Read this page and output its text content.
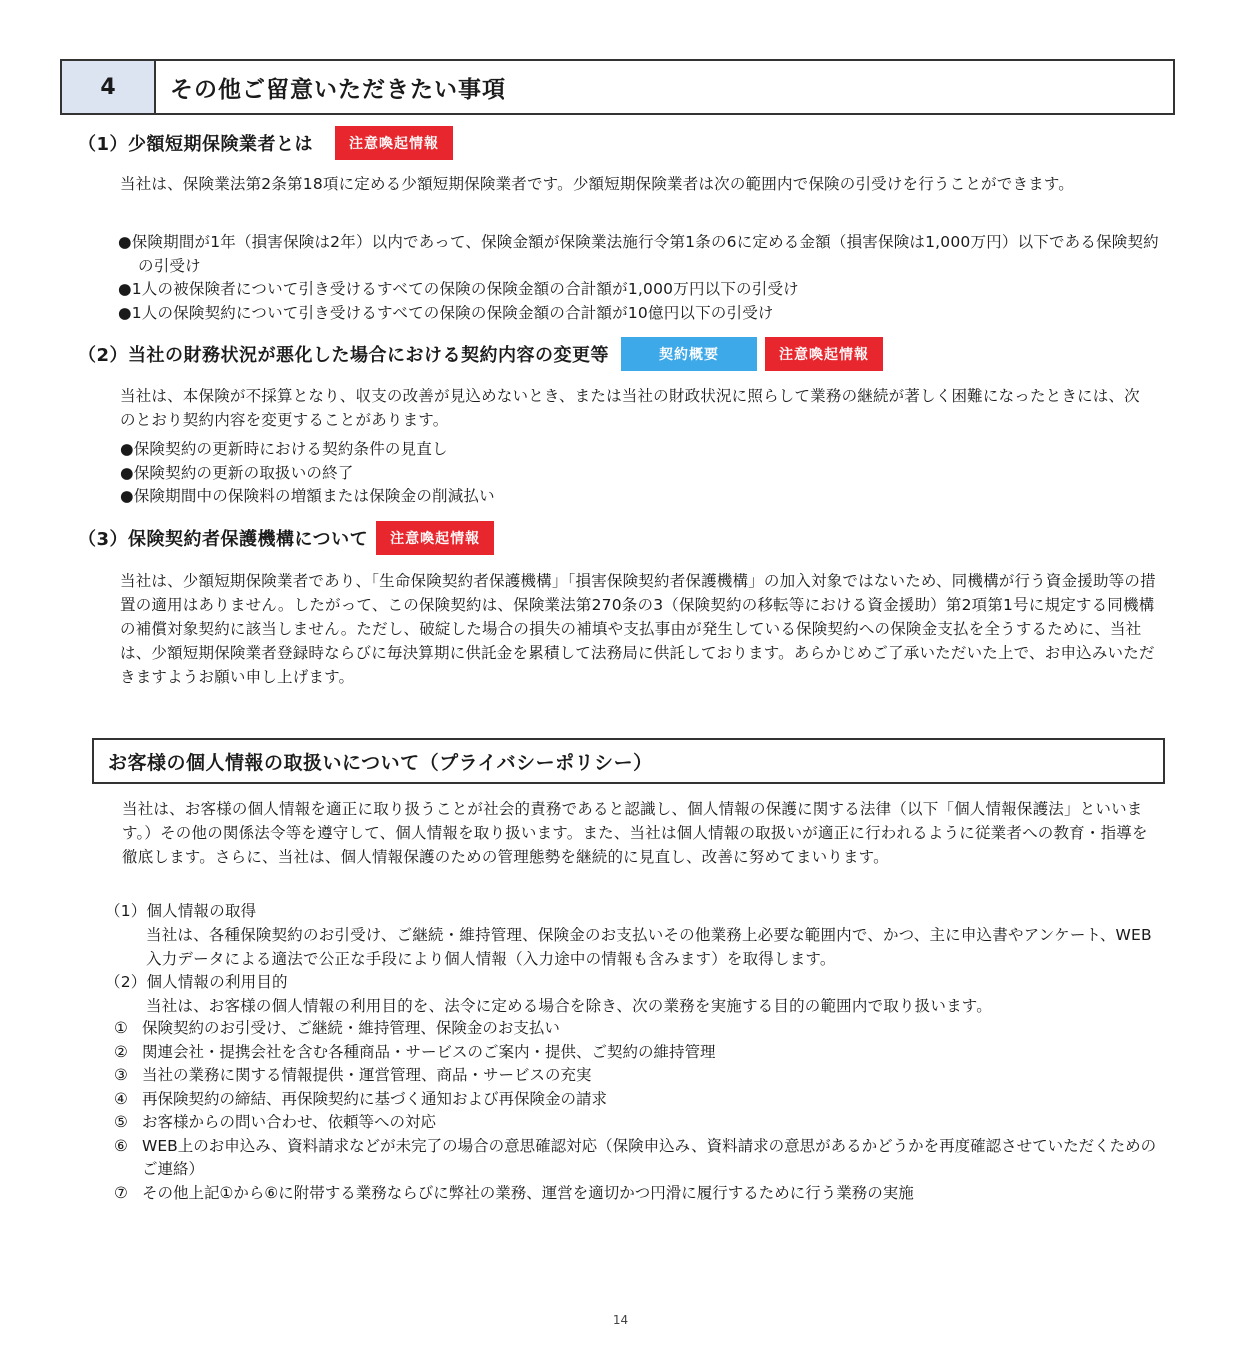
4	その他ご留意いただきたい事項
（1）少額短期保険業者とは	注意喚起情報
当社は、保険業法第2条第18項に定める少額短期保険業者です。少額短期保険業者は次の範囲内で保険の引受けを行うことができます。
●保険期間が1年（損害保険は2年）以内であって、保険金額が保険業法施行令第1条の6に定める金額（損害保険は1,000万円）以下である保険契約の引受け
●1人の被保険者について引き受けるすべての保険の保険金額の合計額が1,000万円以下の引受け
●1人の保険契約について引き受けるすべての保険の保険金額の合計額が10億円以下の引受け
（2）当社の財務状況が悪化した場合における契約内容の変更等	契約概要	注意喚起情報
当社は、本保険が不採算となり、収支の改善が見込めないとき、または当社の財政状況に照らして業務の継続が著しく困難になったときには、次のとおり契約内容を変更することがあります。
●保険契約の更新時における契約条件の見直し
●保険契約の更新の取扱いの終了
●保険期間中の保険料の増額または保険金の削減払い
（3）保険契約者保護機構について	注意喚起情報
当社は、少額短期保険業者であり、「生命保険契約者保護機構」「損害保険契約者保護機構」の加入対象ではないため、同機構が行う資金援助等の措置の適用はありません。したがって、この保険契約は、保険業法第270条の3（保険契約の移転等における資金援助）第2項第1号に規定する同機構の補償対象契約に該当しません。ただし、破綻した場合の損失の補填や支払事由が発生している保険契約への保険金支払を全うするために、当社は、少額短期保険業者登録時ならびに毎決算期に供託金を累積して法務局に供託しております。あらかじめご了承いただいた上で、お申込みいただきますようお願い申し上げます。
お客様の個人情報の取扱いについて（プライバシーポリシー）
当社は、お客様の個人情報を適正に取り扱うことが社会的責務であると認識し、個人情報の保護に関する法律（以下「個人情報保護法」といいます。）その他の関係法令等を遵守して、個人情報を取り扱います。また、当社は個人情報の取扱いが適正に行われるように従業者への教育・指導を徹底します。さらに、当社は、個人情報保護のための管理態勢を継続的に見直し、改善に努めてまいります。
（1）個人情報の取得
当社は、各種保険契約のお引受け、ご継続・維持管理、保険金のお支払いその他業務上必要な範囲内で、かつ、主に申込書やアンケート、WEB入力データによる適法で公正な手段により個人情報（入力途中の情報も含みます）を取得します。
（2）個人情報の利用目的
当社は、お客様の個人情報の利用目的を、法令に定める場合を除き、次の業務を実施する目的の範囲内で取り扱います。
① 保険契約のお引受け、ご継続・維持管理、保険金のお支払い
② 関連会社・提携会社を含む各種商品・サービスのご案内・提供、ご契約の維持管理
③ 当社の業務に関する情報提供・運営管理、商品・サービスの充実
④ 再保険契約の締結、再保険契約に基づく通知および再保険金の請求
⑤ お客様からの問い合わせ、依頼等への対応
⑥ WEB上のお申込み、資料請求などが未完了の場合の意思確認対応（保険申込み、資料請求の意思があるかどうかを再度確認させていただくためのご連絡）
⑦ その他上記①から⑥に附帯する業務ならびに弊社の業務、運営を適切かつ円滑に履行するために行う業務の実施
14
